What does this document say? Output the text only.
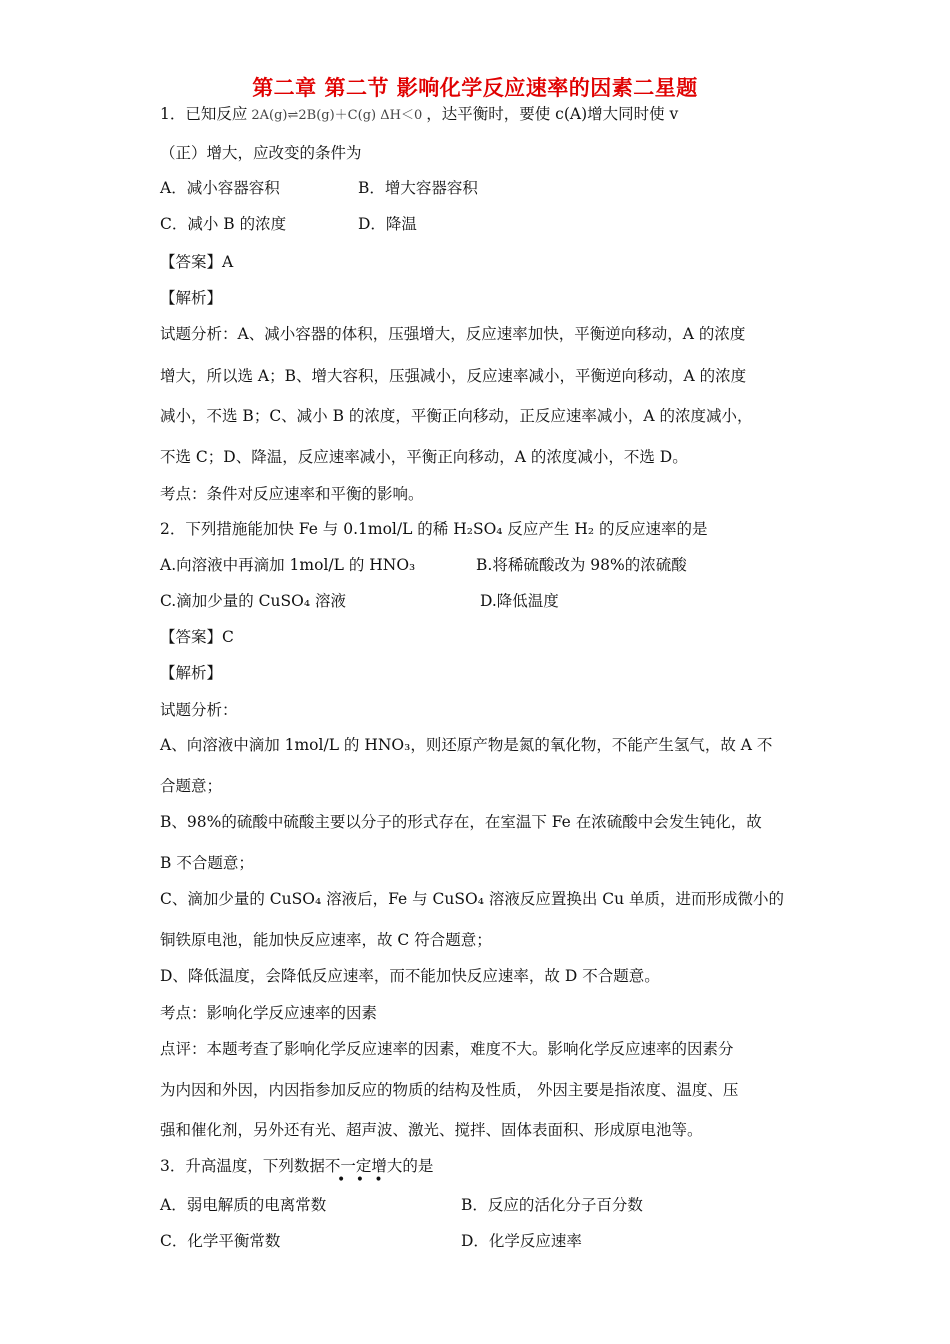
第二章 第二节 影响化学反应速率的因素二星题
1．已知反应 2A(g)⇌2B(g)＋C(g) ΔH＜0 ，达平衡时，要使 c(A)增大同时使 v
（正）增大，应改变的条件为
A．减小容器容积	B．增大容器容积
C．减小 B 的浓度	D．降温
【答案】A
【解析】
试题分析：A、减小容器的体积，压强增大，反应速率加快，平衡逆向移动，A 的浓度
增大，所以选 A；B、增大容积，压强减小，反应速率减小，平衡逆向移动，A 的浓度
减小，不选 B；C、减小 B 的浓度，平衡正向移动，正反应速率减小，A 的浓度减小，
不选 C；D、降温，反应速率减小，平衡正向移动，A 的浓度减小，不选 D。
考点：条件对反应速率和平衡的影响。
2．下列措施能加快 Fe 与 0.1mol/L 的稀 H₂SO₄ 反应产生 H₂ 的反应速率的是
A.向溶液中再滴加 1mol/L 的 HNO₃	B.将稀硫酸改为 98%的浓硫酸
C.滴加少量的 CuSO₄ 溶液	D.降低温度
【答案】C
【解析】
试题分析：
A、向溶液中滴加 1mol/L 的 HNO₃，则还原产物是氮的氧化物，不能产生氢气，故 A 不
合题意；
B、98%的硫酸中硫酸主要以分子的形式存在，在室温下 Fe 在浓硫酸中会发生钝化，故
B 不合题意；
C、滴加少量的 CuSO₄ 溶液后，Fe 与 CuSO₄ 溶液反应置换出 Cu 单质，进而形成微小的
铜铁原电池，能加快反应速率，故 C 符合题意；
D、降低温度，会降低反应速率，而不能加快反应速率，故 D 不合题意。
考点：影响化学反应速率的因素
点评：本题考查了影响化学反应速率的因素，难度不大。影响化学反应速率的因素分
为内因和外因，内因指参加反应的物质的结构及性质， 外因主要是指浓度、温度、压
强和催化剂，另外还有光、超声波、激光、搅拌、固体表面积、形成原电池等。
3．升高温度，下列数据不一定增大的是
• • •
A．弱电解质的电离常数	B．反应的活化分子百分数
C．化学平衡常数	D．化学反应速率
